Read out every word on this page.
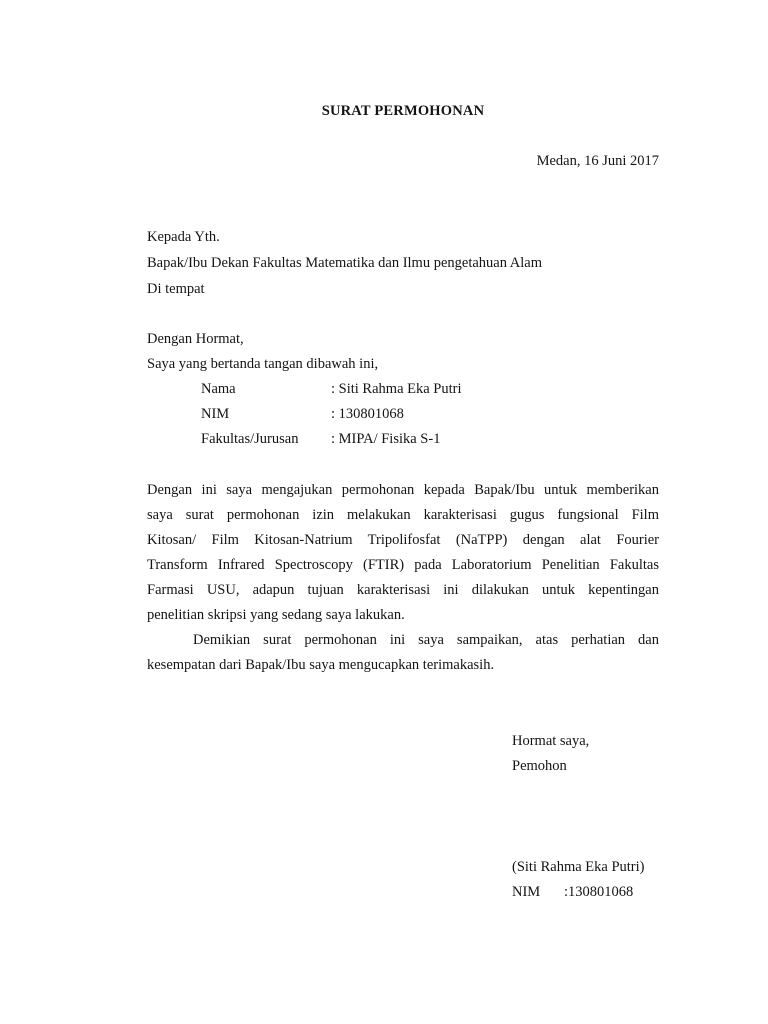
SURAT PERMOHONAN
Medan, 16 Juni 2017
Kepada Yth.
Bapak/Ibu Dekan Fakultas Matematika dan Ilmu pengetahuan Alam
Di tempat
Dengan Hormat,
Saya yang bertanda tangan dibawah ini,
Nama	: Siti Rahma Eka Putri
NIM	: 130801068
Fakultas/Jurusan : MIPA/ Fisika S-1
Dengan ini saya mengajukan permohonan kepada Bapak/Ibu untuk memberikan
saya surat permohonan izin melakukan karakterisasi gugus fungsional Film
Kitosan/ Film Kitosan-Natrium Tripolifosfat (NaTPP) dengan alat Fourier
Transform Infrared Spectroscopy (FTIR) pada Laboratorium Penelitian Fakultas
Farmasi USU, adapun tujuan karakterisasi ini dilakukan untuk kepentingan
penelitian skripsi yang sedang saya lakukan.
Demikian surat permohonan ini saya sampaikan, atas perhatian dan
kesempatan dari Bapak/Ibu saya mengucapkan terimakasih.
Hormat saya,
Pemohon
(Siti Rahma Eka Putri)
NIM :130801068
